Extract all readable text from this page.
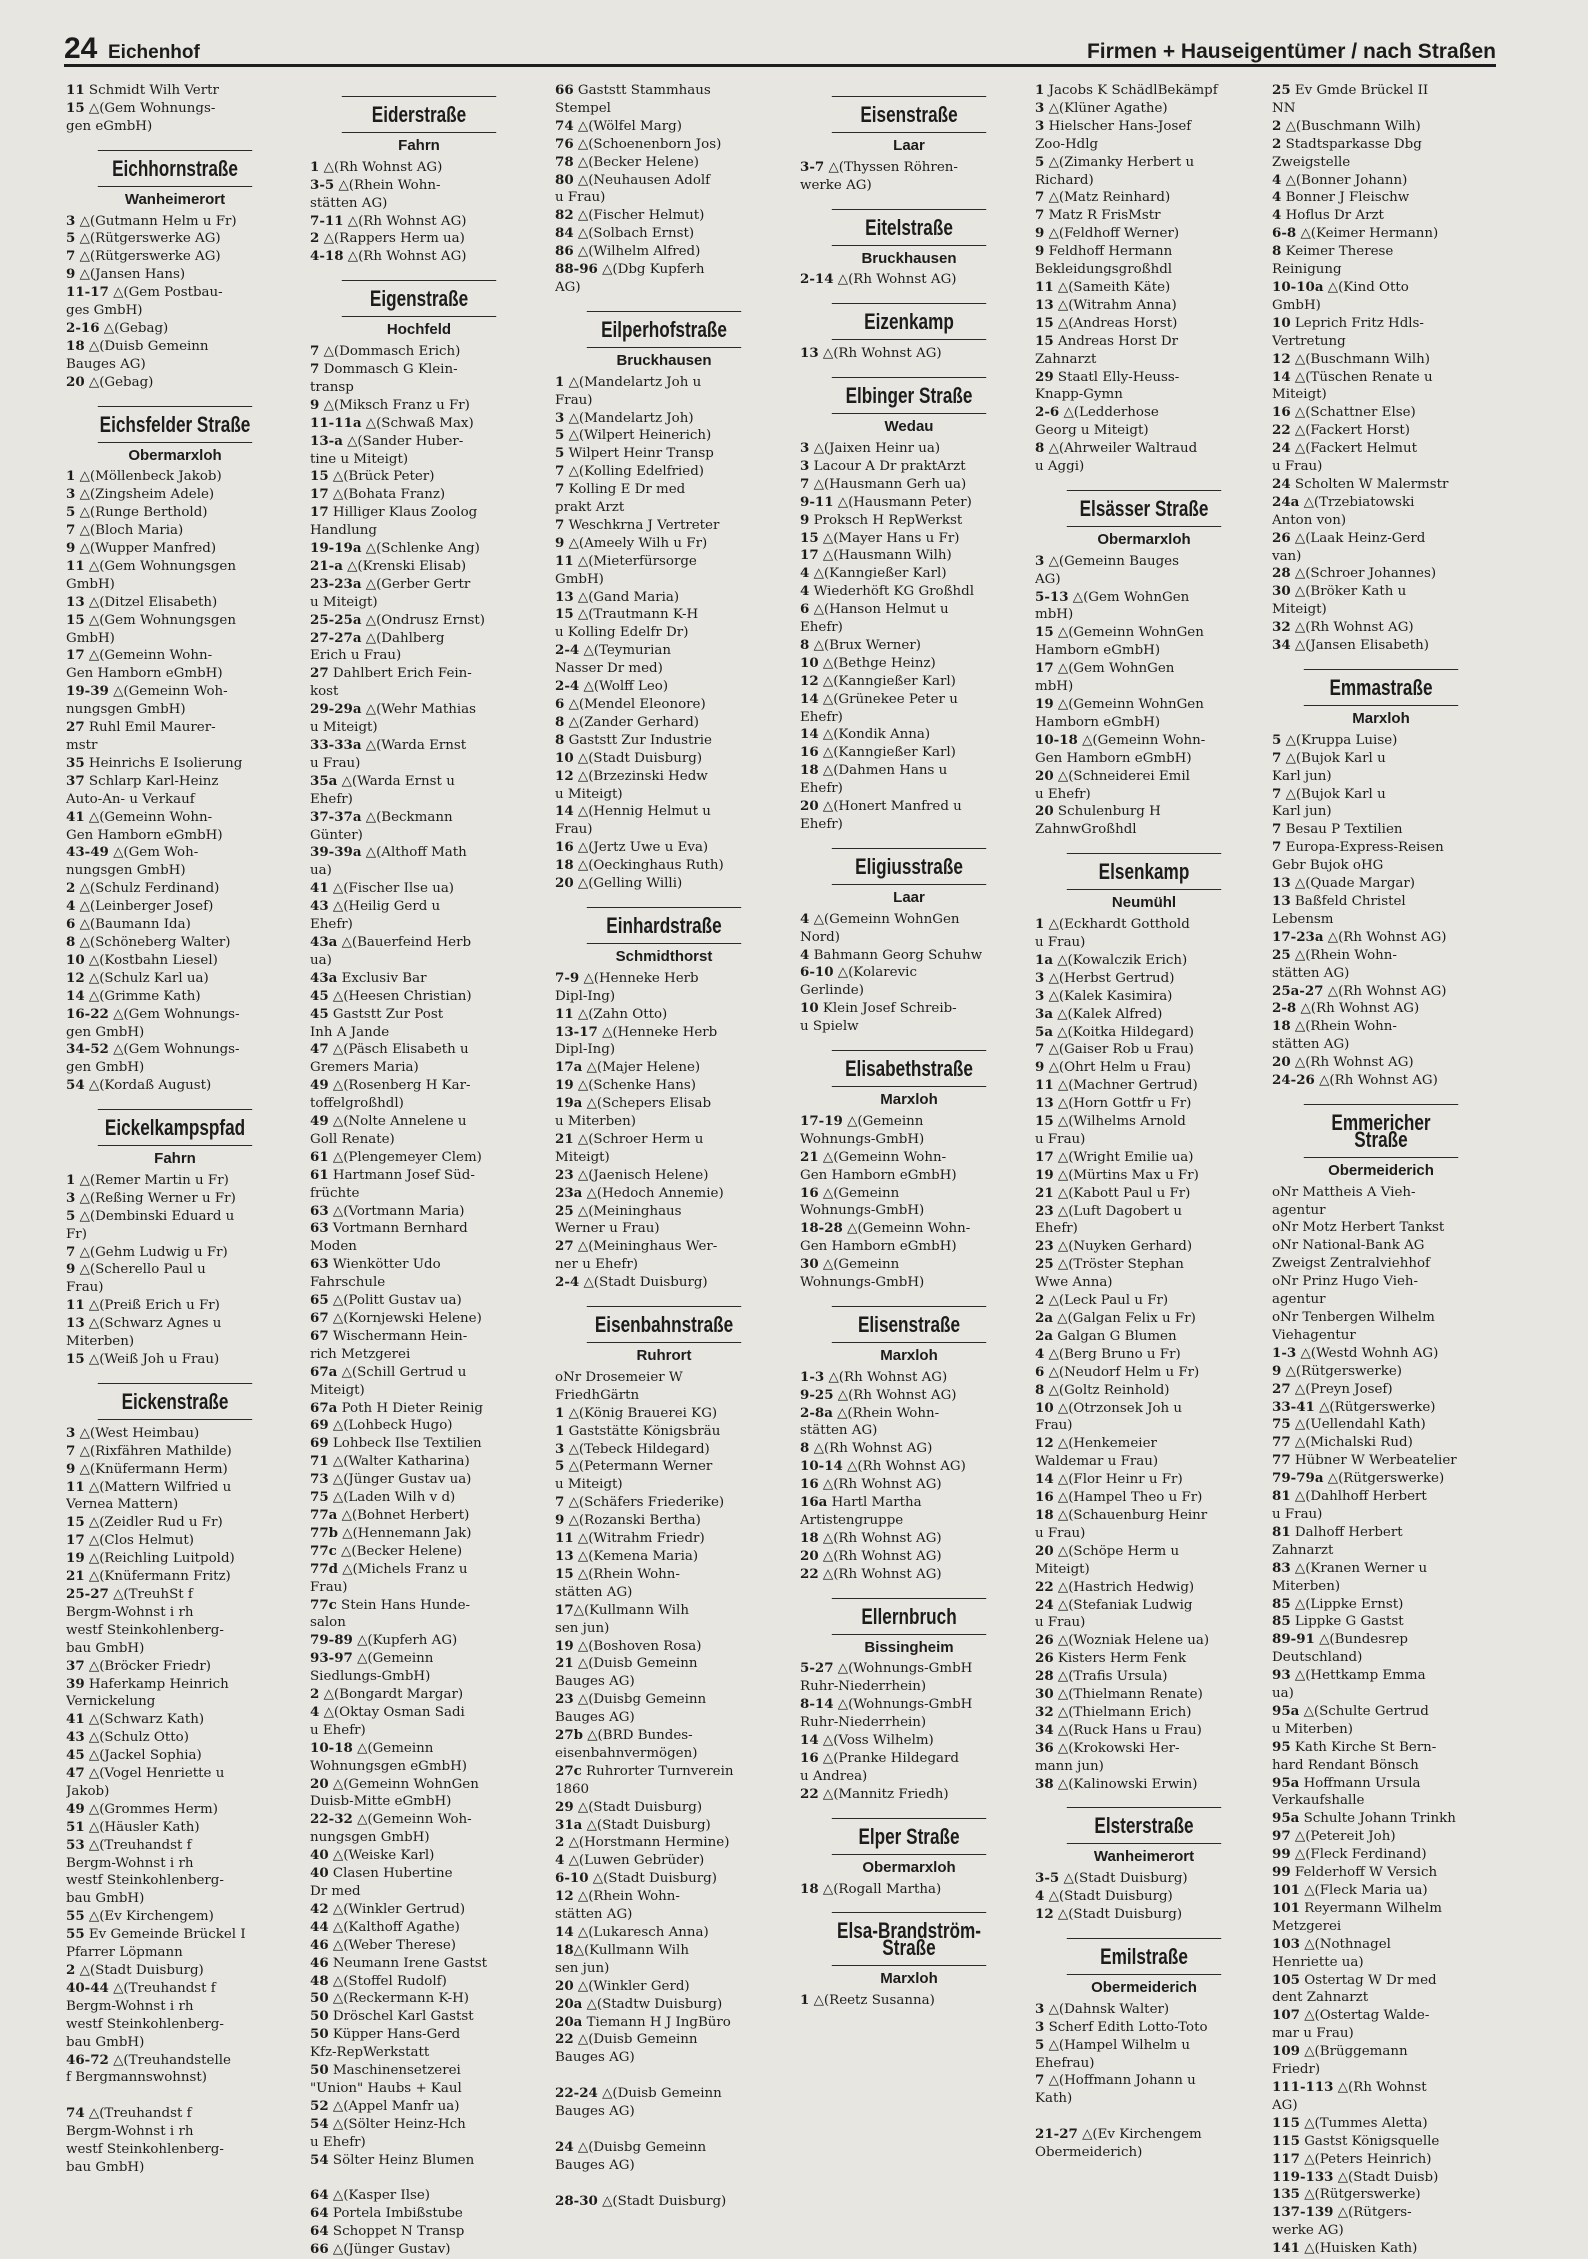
24 Eichenhof	Firmen + Hauseigentümer / nach Straßen
11 Schmidt Wilh Vertr
15 △(Gem Wohnungs-
gen eGmbH)
Eichhornstraße
Wanheimerort
3 △(Gutmann Helm u Fr)
5 △(Rütgerswerke AG)
7 △(Rütgerswerke AG)
9 △(Jansen Hans)
11-17 △(Gem Postbau-
ges GmbH)
2-16 △(Gebag)
18 △(Duisb Gemeinn
Bauges AG)
20 △(Gebag)
Eichsfelder Straße
Obermarxloh
1 △(Möllenbeck Jakob)
3 △(Zingsheim Adele)
5 △(Runge Berthold)
7 △(Bloch Maria)
9 △(Wupper Manfred)
11 △(Gem Wohnungsgen
GmbH)
13 △(Ditzel Elisabeth)
15 △(Gem Wohnungsgen
GmbH)
17 △(Gemeinn Wohn-
Gen Hamborn eGmbH)
19-39 △(Gemeinn Woh-
nungsgen GmbH)
27 Ruhl Emil Maurer-
mstr
35 Heinrichs E Isolierung
37 Schlarp Karl-Heinz
Auto-An- u Verkauf
41 △(Gemeinn Wohn-
Gen Hamborn eGmbH)
43-49 △(Gem Woh-
nungsgen GmbH)
2 △(Schulz Ferdinand)
4 △(Leinberger Josef)
6 △(Baumann Ida)
8 △(Schöneberg Walter)
10 △(Kostbahn Liesel)
12 △(Schulz Karl ua)
14 △(Grimme Kath)
16-22 △(Gem Wohnungs-
gen GmbH)
34-52 △(Gem Wohnungs-
gen GmbH)
54 △(Kordaß August)
Eickelkampspfad
Fahrn
1 △(Remer Martin u Fr)
3 △(Reßing Werner u Fr)
5 △(Dembinski Eduard u
Fr)
7 △(Gehm Ludwig u Fr)
9 △(Scherello Paul u
Frau)
11 △(Preiß Erich u Fr)
13 △(Schwarz Agnes u
Miterben)
15 △(Weiß Joh u Frau)
Eickenstraße
3 △(West Heimbau)
7 △(Rixfähren Mathilde)
9 △(Knüfermann Herm)
11 △(Mattern Wilfried u
Vernea Mattern)
15 △(Zeidler Rud u Fr)
17 △(Clos Helmut)
19 △(Reichling Luitpold)
21 △(Knüfermann Fritz)
25-27 △(TreuhSt f
Bergm-Wohnst i rh
westf Steinkohlenberg-
bau GmbH)
37 △(Bröcker Friedr)
39 Haferkamp Heinrich
Vernickelung
41 △(Schwarz Kath)
43 △(Schulz Otto)
45 △(Jackel Sophia)
47 △(Vogel Henriette u
Jakob)
49 △(Grommes Herm)
51 △(Häusler Kath)
53 △(Treuhandst f
Bergm-Wohnst i rh
westf Steinkohlenberg-
bau GmbH)
55 △(Ev Kirchengem)
55 Ev Gemeinde Brückel I
Pfarrer Löpmann
2 △(Stadt Duisburg)
40-44 △(Treuhandst f
Bergm-Wohnst i rh
westf Steinkohlenberg-
bau GmbH)
46-72 △(Treuhandstelle
f Bergmannswohnst)

74 △(Treuhandst f
Bergm-Wohnst i rh
westf Steinkohlenberg-
bau GmbH)
Eiderstraße
Fahrn
1 △(Rh Wohnst AG)
3-5 △(Rhein Wohn-
stätten AG)
7-11 △(Rh Wohnst AG)
2 △(Rappers Herm ua)
4-18 △(Rh Wohnst AG)
Eigenstraße
Hochfeld
7 △(Dommasch Erich)
7 Dommasch G Klein-
transp
9 △(Miksch Franz u Fr)
11-11a △(Schwaß Max)
13-a △(Sander Huber-
tine u Miteigt)
15 △(Brück Peter)
17 △(Bohata Franz)
17 Hilliger Klaus Zoolog
Handlung
19-19a △(Schlenke Ang)
21-a △(Krenski Elisab)
23-23a △(Gerber Gertr
u Miteigt)
25-25a △(Ondrusz Ernst)
27-27a △(Dahlberg
Erich u Frau)
27 Dahlbert Erich Fein-
kost
29-29a △(Wehr Mathias
u Miteigt)
33-33a △(Warda Ernst
u Frau)
35a △(Warda Ernst u
Ehefr)
37-37a △(Beckmann
Günter)
39-39a △(Althoff Math
ua)
41 △(Fischer Ilse ua)
43 △(Heilig Gerd u
Ehefr)
43a △(Bauerfeind Herb
ua)
43a Exclusiv Bar
45 △(Heesen Christian)
45 Gaststt Zur Post
Inh A Jande
47 △(Päsch Elisabeth u
Gremers Maria)
49 △(Rosenberg H Kar-
toffelgroßhdl)
49 △(Nolte Annelene u
Goll Renate)
61 △(Plengemeyer Clem)
61 Hartmann Josef Süd-
früchte
63 △(Vortmann Maria)
63 Vortmann Bernhard
Moden
63 Wienkötter Udo
Fahrschule
65 △(Politt Gustav ua)
67 △(Kornjewski Helene)
67 Wischermann Hein-
rich Metzgerei
67a △(Schill Gertrud u
Miteigt)
67a Poth H Dieter Reinig
69 △(Lohbeck Hugo)
69 Lohbeck Ilse Textilien
71 △(Walter Katharina)
73 △(Jünger Gustav ua)
75 △(Laden Wilh v d)
77a △(Bohnet Herbert)
77b △(Hennemann Jak)
77c △(Becker Helene)
77d △(Michels Franz u
Frau)
77c Stein Hans Hunde-
salon
79-89 △(Kupferh AG)
93-97 △(Gemeinn
Siedlungs-GmbH)
2 △(Bongardt Margar)
4 △(Oktay Osman Sadi
u Ehefr)
10-18 △(Gemeinn
Wohnungsgen eGmbH)
20 △(Gemeinn WohnGen
Duisb-Mitte eGmbH)
22-32 △(Gemeinn Woh-
nungsgen GmbH)
40 △(Weiske Karl)
40 Clasen Hubertine
Dr med
42 △(Winkler Gertrud)
44 △(Kalthoff Agathe)
46 △(Weber Therese)
46 Neumann Irene Gastst
48 △(Stoffel Rudolf)
50 △(Reckermann K-H)
50 Dröschel Karl Gastst
50 Küpper Hans-Gerd
Kfz-RepWerkstatt
50 Maschinensetzerei
"Union" Haubs + Kaul
52 △(Appel Manfr ua)
54 △(Sölter Heinz-Hch
u Ehefr)
54 Sölter Heinz Blumen

64 △(Kasper Ilse)
64 Portela Imbißstube
64 Schoppet N Transp
66 △(Jünger Gustav)
66 Gaststt Stammhaus
Stempel
74 △(Wölfel Marg)
76 △(Schoenenborn Jos)
78 △(Becker Helene)
80 △(Neuhausen Adolf
u Frau)
82 △(Fischer Helmut)
84 △(Solbach Ernst)
86 △(Wilhelm Alfred)
88-96 △(Dbg Kupferh
AG)
Eilperhofstraße
Bruckhausen
1 △(Mandelartz Joh u
Frau)
3 △(Mandelartz Joh)
5 △(Wilpert Heinerich)
5 Wilpert Heinr Transp
7 △(Kolling Edelfried)
7 Kolling E Dr med
prakt Arzt
7 Weschkrna J Vertreter
9 △(Ameely Wilh u Fr)
11 △(Mieterfürsorge
GmbH)
13 △(Gand Maria)
15 △(Trautmann K-H
u Kolling Edelfr Dr)
2-4 △(Teymurian
Nasser Dr med)
2-4 △(Wolff Leo)
6 △(Mendel Eleonore)
8 △(Zander Gerhard)
8 Gaststt Zur Industrie
10 △(Stadt Duisburg)
12 △(Brzezinski Hedw
u Miteigt)
14 △(Hennig Helmut u
Frau)
16 △(Jertz Uwe u Eva)
18 △(Oeckinghaus Ruth)
20 △(Gelling Willi)
Einhardstraße
Schmidthorst
7-9 △(Henneke Herb
Dipl-Ing)
11 △(Zahn Otto)
13-17 △(Henneke Herb
Dipl-Ing)
17a △(Majer Helene)
19 △(Schenke Hans)
19a △(Schepers Elisab
u Miterben)
21 △(Schroer Herm u
Miteigt)
23 △(Jaenisch Helene)
23a △(Hedoch Annemie)
25 △(Meininghaus
Werner u Frau)
27 △(Meininghaus Wer-
ner u Ehefr)
2-4 △(Stadt Duisburg)
Eisenbahnstraße
Ruhrort
oNr Drosemeier W
FriedhGärtn
1 △(König Brauerei KG)
1 Gaststätte Königsbräu
3 △(Tebeck Hildegard)
5 △(Petermann Werner
u Miteigt)
7 △(Schäfers Friederike)
9 △(Rozanski Bertha)
11 △(Witrahm Friedr)
13 △(Kemena Maria)
15 △(Rhein Wohn-
stätten AG)
17△(Kullmann Wilh
sen jun)
19 △(Boshoven Rosa)
21 △(Duisb Gemeinn
Bauges AG)
23 △(Duisbg Gemeinn
Bauges AG)
27b △(BRD Bundes-
eisenbahnvermögen)
27c Ruhrorter Turnverein
1860
29 △(Stadt Duisburg)
31a △(Stadt Duisburg)
2 △(Horstmann Hermine)
4 △(Luwen Gebrüder)
6-10 △(Stadt Duisburg)
12 △(Rhein Wohn-
stätten AG)
14 △(Lukaresch Anna)
18△(Kullmann Wilh
sen jun)
20 △(Winkler Gerd)
20a △(Stadtw Duisburg)
20a Tiemann H J IngBüro
22 △(Duisb Gemeinn
Bauges AG)

22-24 △(Duisb Gemeinn
Bauges AG)

24 △(Duisbg Gemeinn
Bauges AG)

28-30 △(Stadt Duisburg)
Eisenstraße
Laar
3-7 △(Thyssen Röhren-
werke AG)
Eitelstraße
Bruckhausen
2-14 △(Rh Wohnst AG)
Eizenkamp
13 △(Rh Wohnst AG)
Elbinger Straße
Wedau
3 △(Jaixen Heinr ua)
3 Lacour A Dr praktArzt
7 △(Hausmann Gerh ua)
9-11 △(Hausmann Peter)
9 Proksch H RepWerkst
15 △(Mayer Hans u Fr)
17 △(Hausmann Wilh)
4 △(Kanngießer Karl)
4 Wiederhöft KG Großhdl
6 △(Hanson Helmut u
Ehefr)
8 △(Brux Werner)
10 △(Bethge Heinz)
12 △(Kanngießer Karl)
14 △(Grünekee Peter u
Ehefr)
14 △(Kondik Anna)
16 △(Kanngießer Karl)
18 △(Dahmen Hans u
Ehefr)
20 △(Honert Manfred u
Ehefr)
Eligiusstraße
Laar
4 △(Gemeinn WohnGen
Nord)
4 Bahmann Georg Schuhw
6-10 △(Kolarevic
Gerlinde)
10 Klein Josef Schreib-
u Spielw
Elisabethstraße
Marxloh
17-19 △(Gemeinn
Wohnungs-GmbH)
21 △(Gemeinn Wohn-
Gen Hamborn eGmbH)
16 △(Gemeinn
Wohnungs-GmbH)
18-28 △(Gemeinn Wohn-
Gen Hamborn eGmbH)
30 △(Gemeinn
Wohnungs-GmbH)
Elisenstraße
Marxloh
1-3 △(Rh Wohnst AG)
9-25 △(Rh Wohnst AG)
2-8a △(Rhein Wohn-
stätten AG)
8 △(Rh Wohnst AG)
10-14 △(Rh Wohnst AG)
16 △(Rh Wohnst AG)
16a Hartl Martha
Artistengruppe
18 △(Rh Wohnst AG)
20 △(Rh Wohnst AG)
22 △(Rh Wohnst AG)
Ellernbruch
Bissingheim
5-27 △(Wohnungs-GmbH
Ruhr-Niederrhein)
8-14 △(Wohnungs-GmbH
Ruhr-Niederrhein)
14 △(Voss Wilhelm)
16 △(Pranke Hildegard
u Andrea)
22 △(Mannitz Friedh)
Elper Straße
Obermarxloh
18 △(Rogall Martha)
Elsa-Brandström-Straße
Marxloh
1 △(Reetz Susanna)
1 Jacobs K SchädlBekämpf
3 △(Klüner Agathe)
3 Hielscher Hans-Josef
Zoo-Hdlg
5 △(Zimanky Herbert u
Richard)
7 △(Matz Reinhard)
7 Matz R FrisMstr
9 △(Feldhoff Werner)
9 Feldhoff Hermann
Bekleidungsgroßhdl
11 △(Sameith Käte)
13 △(Witrahm Anna)
15 △(Andreas Horst)
15 Andreas Horst Dr
Zahnarzt
29 Staatl Elly-Heuss-
Knapp-Gymn
2-6 △(Ledderhose
Georg u Miteigt)
8 △(Ahrweiler Waltraud
u Aggi)
Elsässer Straße
Obermarxloh
3 △(Gemeinn Bauges
AG)
5-13 △(Gem WohnGen
mbH)
15 △(Gemeinn WohnGen
Hamborn eGmbH)
17 △(Gem WohnGen
mbH)
19 △(Gemeinn WohnGen
Hamborn eGmbH)
10-18 △(Gemeinn Wohn-
Gen Hamborn eGmbH)
20 △(Schneiderei Emil
u Ehefr)
20 Schulenburg H
ZahnwGroßhdl
Elsenkamp
Neumühl
1 △(Eckhardt Gotthold
u Frau)
1a △(Kowalczik Erich)
3 △(Herbst Gertrud)
3 △(Kalek Kasimira)
3a △(Kalek Alfred)
5a △(Koitka Hildegard)
7 △(Gaiser Rob u Frau)
9 △(Ohrt Helm u Frau)
11 △(Machner Gertrud)
13 △(Horn Gottfr u Fr)
15 △(Wilhelms Arnold
u Frau)
17 △(Wright Emilie ua)
19 △(Mürtins Max u Fr)
21 △(Kabott Paul u Fr)
23 △(Luft Dagobert u
Ehefr)
23 △(Nuyken Gerhard)
25 △(Tröster Stephan
Wwe Anna)
2 △(Leck Paul u Fr)
2a △(Galgan Felix u Fr)
2a Galgan G Blumen
4 △(Berg Bruno u Fr)
6 △(Neudorf Helm u Fr)
8 △(Goltz Reinhold)
10 △(Otrzonsek Joh u
Frau)
12 △(Henkemeier
Waldemar u Frau)
14 △(Flor Heinr u Fr)
16 △(Hampel Theo u Fr)
18 △(Schauenburg Heinr
u Frau)
20 △(Schöpe Herm u
Miteigt)
22 △(Hastrich Hedwig)
24 △(Stefaniak Ludwig
u Frau)
26 △(Wozniak Helene ua)
26 Kisters Herm Fenk
28 △(Trafis Ursula)
30 △(Thielmann Renate)
32 △(Thielmann Erich)
34 △(Ruck Hans u Frau)
36 △(Krokowski Her-
mann jun)
38 △(Kalinowski Erwin)
Elsterstraße
Wanheimerort
3-5 △(Stadt Duisburg)
4 △(Stadt Duisburg)
12 △(Stadt Duisburg)
Emilstraße
Obermeiderich
3 △(Dahnsk Walter)
3 Scherf Edith Lotto-Toto
5 △(Hampel Wilhelm u
Ehefrau)
7 △(Hoffmann Johann u
Kath)

21-27 △(Ev Kirchengem
Obermeiderich)
25 Ev Gmde Brückel II
NN
2 △(Buschmann Wilh)
2 Stadtsparkasse Dbg
Zweigstelle
4 △(Bonner Johann)
4 Bonner J Fleischw
4 Hoflus Dr Arzt
6-8 △(Keimer Hermann)
8 Keimer Therese
Reinigung
10-10a △(Kind Otto
GmbH)
10 Leprich Fritz Hdls-
Vertretung
12 △(Buschmann Wilh)
14 △(Tüschen Renate u
Miteigt)
16 △(Schattner Else)
22 △(Fackert Horst)
24 △(Fackert Helmut
u Frau)
24 Scholten W Malermstr
24a △(Trzebiatowski
Anton von)
26 △(Laak Heinz-Gerd
van)
28 △(Schroer Johannes)
30 △(Bröker Kath u
Miteigt)
32 △(Rh Wohnst AG)
34 △(Jansen Elisabeth)
Emmastraße
Marxloh
5 △(Kruppa Luise)
7 △(Bujok Karl u
Karl jun)
7 △(Bujok Karl u
Karl jun)
7 Besau P Textilien
7 Europa-Express-Reisen
Gebr Bujok oHG
13 △(Quade Margar)
13 Baßfeld Christel
Lebensm
17-23a △(Rh Wohnst AG)
25 △(Rhein Wohn-
stätten AG)
25a-27 △(Rh Wohnst AG)
2-8 △(Rh Wohnst AG)
18 △(Rhein Wohn-
stätten AG)
20 △(Rh Wohnst AG)
24-26 △(Rh Wohnst AG)
Emmericher Straße
Obermeiderich
oNr Mattheis A Vieh-
agentur
oNr Motz Herbert Tankst
oNr National-Bank AG
Zweigst Zentralviehhof
oNr Prinz Hugo Vieh-
agentur
oNr Tenbergen Wilhelm
Viehagentur
1-3 △(Westd Wohnh AG)
9 △(Rütgerswerke)
27 △(Preyn Josef)
33-41 △(Rütgerswerke)
75 △(Uellendahl Kath)
77 △(Michalski Rud)
77 Hübner W Werbeatelier
79-79a △(Rütgerswerke)
81 △(Dahlhoff Herbert
u Frau)
81 Dalhoff Herbert
Zahnarzt
83 △(Kranen Werner u
Miterben)
85 △(Lippke Ernst)
85 Lippke G Gastst
89-91 △(Bundesrep
Deutschland)
93 △(Hettkamp Emma
ua)
95a △(Schulte Gertrud
u Miterben)
95 Kath Kirche St Bern-
hard Rendant Bönsch
95a Hoffmann Ursula
Verkaufshalle
95a Schulte Johann Trinkh
97 △(Petereit Joh)
99 △(Fleck Ferdinand)
99 Felderhoff W Versich
101 △(Fleck Maria ua)
101 Reyermann Wilhelm
Metzgerei
103 △(Nothnagel
Henriette ua)
105 Ostertag W Dr med
dent Zahnarzt
107 △(Ostertag Walde-
mar u Frau)
109 △(Brüggemann
Friedr)
111-113 △(Rh Wohnst
AG)
115 △(Tummes Aletta)
115 Gastst Königsquelle
117 △(Peters Heinrich)
119-133 △(Stadt Duisb)
135 △(Rütgerswerke)
137-139 △(Rütgers-
werke AG)
141 △(Huisken Kath)
